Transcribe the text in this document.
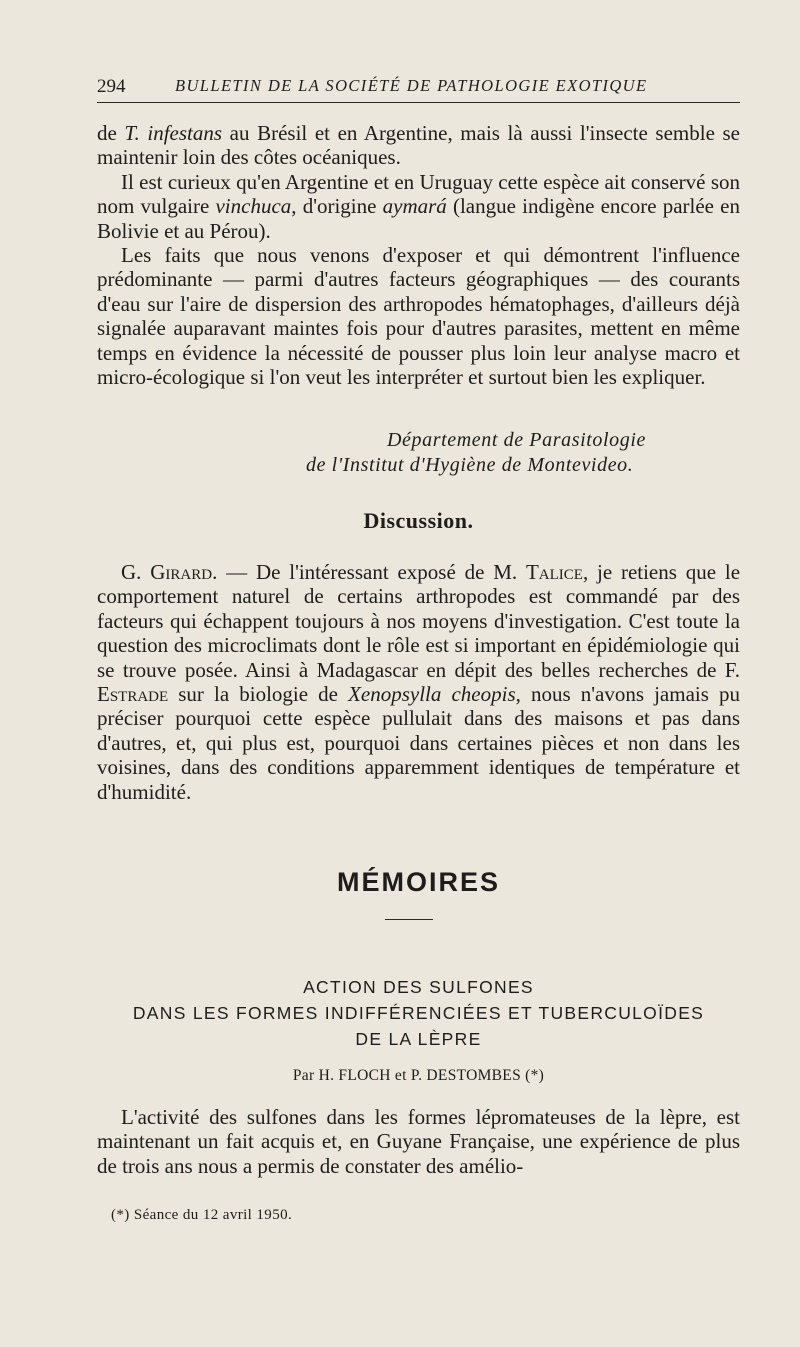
294	BULLETIN DE LA SOCIÉTÉ DE PATHOLOGIE EXOTIQUE

de T. infestans au Brésil et en Argentine, mais là aussi l'insecte semble se maintenir loin des côtes océaniques.

Il est curieux qu'en Argentine et en Uruguay cette espèce ait conservé son nom vulgaire vinchuca, d'origine aymará (langue indigène encore parlée en Bolivie et au Pérou).

Les faits que nous venons d'exposer et qui démontrent l'influence prédominante — parmi d'autres facteurs géographiques — des courants d'eau sur l'aire de dispersion des arthropodes hématophages, d'ailleurs déjà signalée auparavant maintes fois pour d'autres parasites, mettent en même temps en évidence la nécessité de pousser plus loin leur analyse macro et micro-écologique si l'on veut les interpréter et surtout bien les expliquer.

Département de Parasitologie

de l'Institut d'Hygiène de Montevideo.

Discussion.

G. Girard. — De l'intéressant exposé de M. Talice, je retiens que le comportement naturel de certains arthropodes est commandé par des facteurs qui échappent toujours à nos moyens d'investigation. C'est toute la question des microclimats dont le rôle est si important en épidémiologie qui se trouve posée. Ainsi à Madagascar en dépit des belles recherches de F. Estrade sur la biologie de Xenopsylla cheopis, nous n'avons jamais pu préciser pourquoi cette espèce pullulait dans des maisons et pas dans d'autres, et, qui plus est, pourquoi dans certaines pièces et non dans les voisines, dans des conditions apparemment identiques de température et d'humidité.

MÉMOIRES

ACTION DES SULFONES

DANS LES FORMES INDIFFÉRENCIÉES ET TUBERCULOÏDES

DE LA LÈPRE

Par H. FLOCH et P. DESTOMBES (*)

L'activité des sulfones dans les formes lépromateuses de la lèpre, est maintenant un fait acquis et, en Guyane Française, une expérience de plus de trois ans nous a permis de constater des amélio-

(*) Séance du 12 avril 1950.
